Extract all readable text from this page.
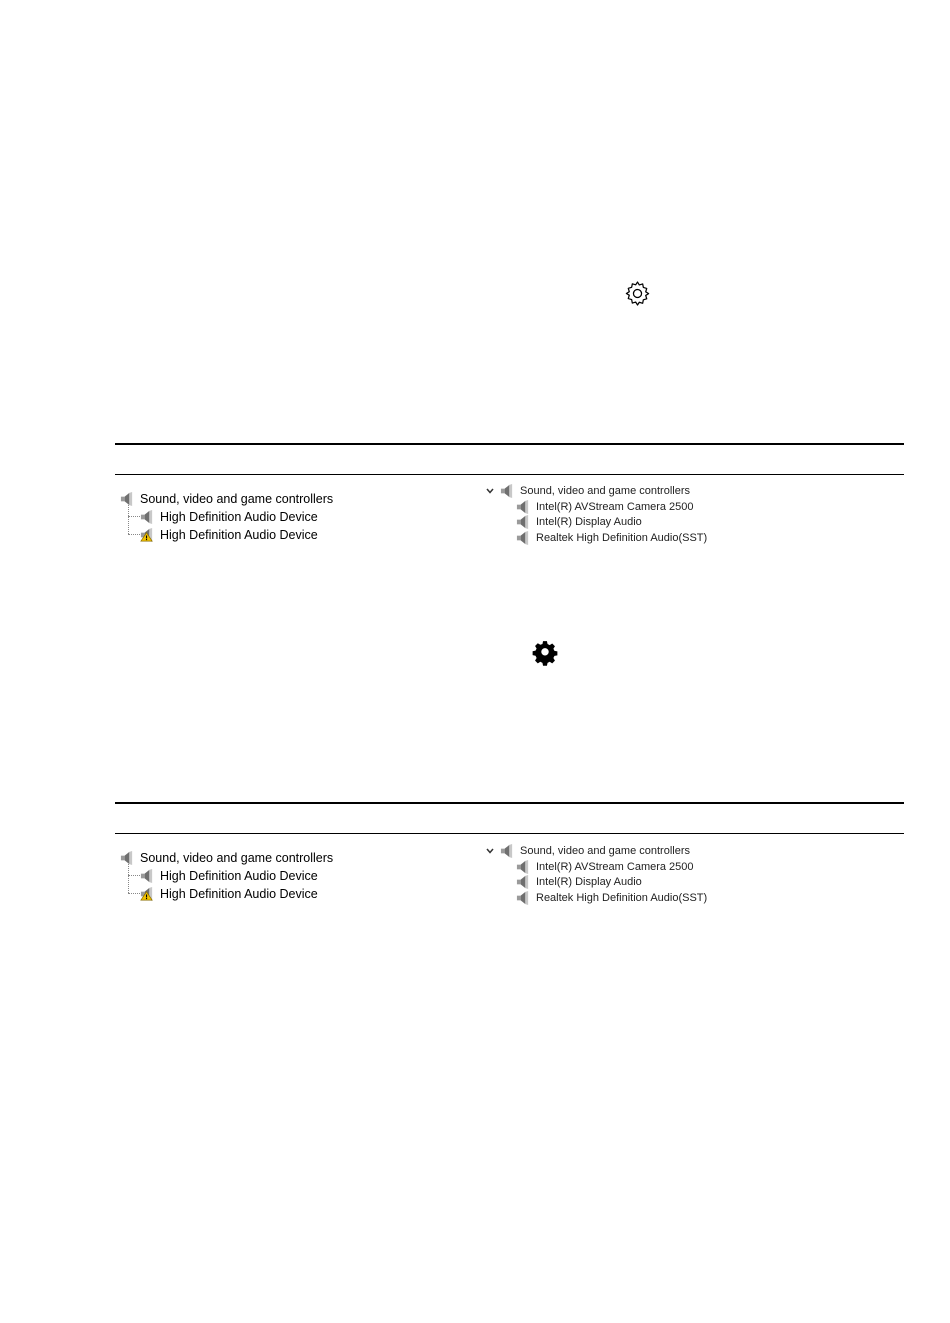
Sound, video and game controllers
High Definition Audio Device
High Definition Audio Device
Sound, video and game controllers
Intel(R) AVStream Camera 2500
Intel(R) Display Audio
Realtek High Definition Audio(SST)
Sound, video and game controllers
High Definition Audio Device
High Definition Audio Device
Sound, video and game controllers
Intel(R) AVStream Camera 2500
Intel(R) Display Audio
Realtek High Definition Audio(SST)
